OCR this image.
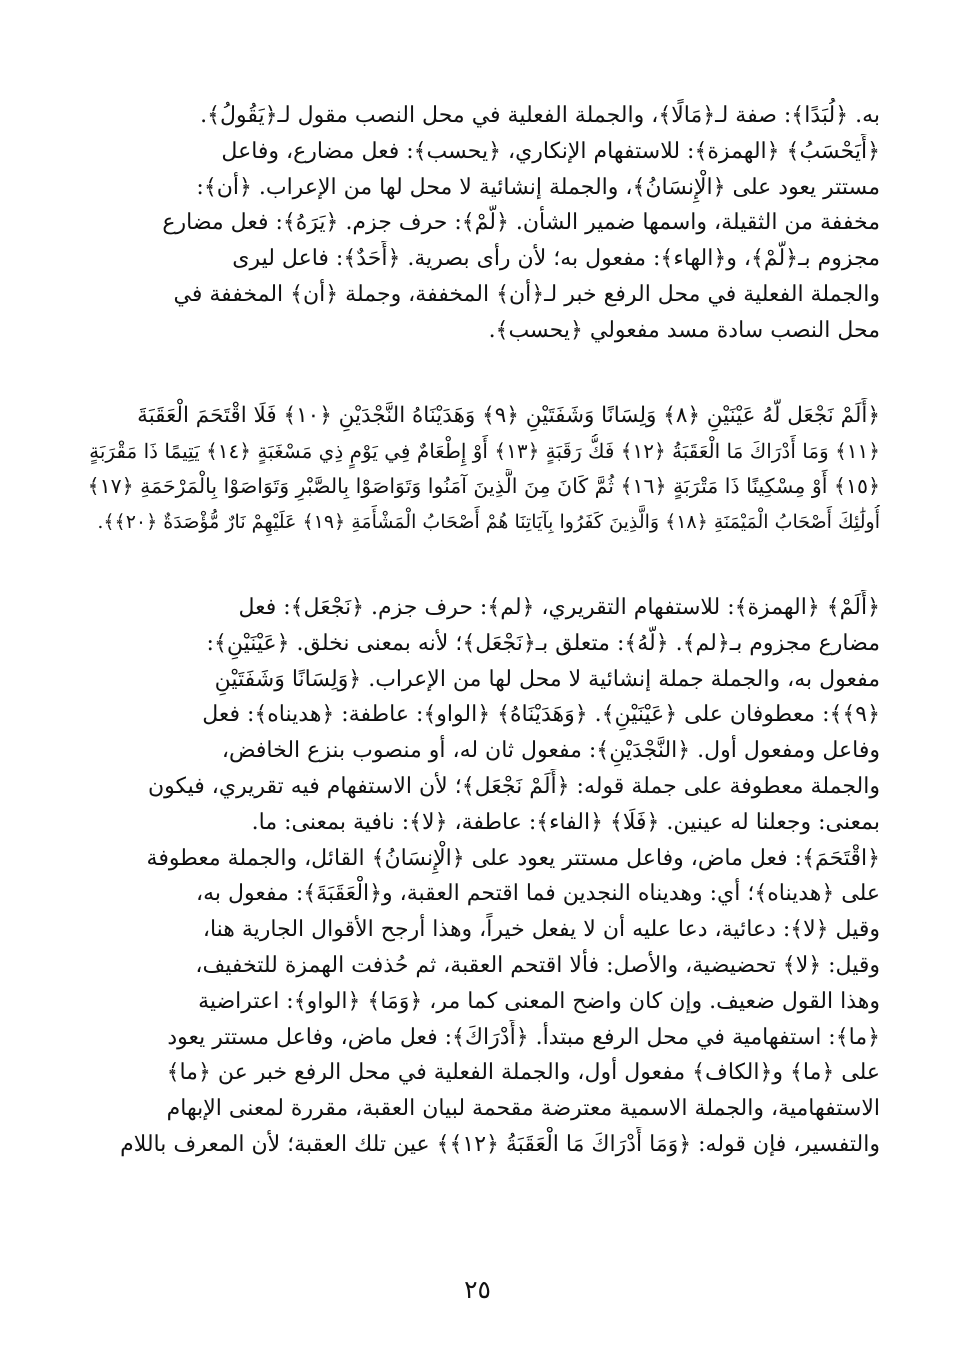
به. ﴿لُبَدًا﴾: صفة لـ﴿مَالًا﴾، والجملة الفعلية في محل النصب مقول لـ﴿يَقُولُ﴾.
﴿أَيَحْسَبُ﴾ ﴿الهمزة﴾: للاستفهام الإنكاري، ﴿يحسب﴾: فعل مضارع، وفاعل
مستتر يعود على ﴿الْإِنسَانُ﴾، والجملة إنشائية لا محل لها من الإعراب. ﴿أن﴾:
مخففة من الثقيلة، واسمها ضمير الشأن. ﴿لَّمْ﴾: حرف جزم. ﴿يَرَهُ﴾: فعل مضارع
مجزوم بـ﴿لَّمْ﴾، و﴿الهاء﴾: مفعول به؛ لأن رأى بصرية. ﴿أَحَدٌ﴾: فاعل ليرى
والجملة الفعلية في محل الرفع خبر لـ﴿أن﴾ المخففة، وجملة ﴿أن﴾ المخففة في
محل النصب سادة مسد مفعولي ﴿يحسب﴾.
﴿أَلَمْ نَجْعَل لَّهُ عَيْنَيْنِ ﴿٨﴾ وَلِسَانًا وَشَفَتَيْنِ ﴿٩﴾ وَهَدَيْنَاهُ النَّجْدَيْنِ ﴿١٠﴾ فَلَا اقْتَحَمَ الْعَقَبَةَ
﴿١١﴾ وَمَا أَدْرَاكَ مَا الْعَقَبَةُ ﴿١٢﴾ فَكُّ رَقَبَةٍ ﴿١٣﴾ أَوْ إِطْعَامٌ فِي يَوْمٍ ذِي مَسْغَبَةٍ ﴿١٤﴾ يَتِيمًا ذَا مَقْرَبَةٍ
﴿١٥﴾ أَوْ مِسْكِينًا ذَا مَتْرَبَةٍ ﴿١٦﴾ ثُمَّ كَانَ مِنَ الَّذِينَ آمَنُوا وَتَوَاصَوْا بِالصَّبْرِ وَتَوَاصَوْا بِالْمَرْحَمَةِ ﴿١٧﴾
أُولَٰئِكَ أَصْحَابُ الْمَيْمَنَةِ ﴿١٨﴾ وَالَّذِينَ كَفَرُوا بِآيَاتِنَا هُمْ أَصْحَابُ الْمَشْأَمَةِ ﴿١٩﴾ عَلَيْهِمْ نَارٌ مُّؤْصَدَةٌ ﴿٢٠﴾﴾.
﴿أَلَمْ﴾ ﴿الهمزة﴾: للاستفهام التقريري، ﴿لم﴾: حرف جزم. ﴿نَجْعَل﴾: فعل
مضارع مجزوم بـ﴿لم﴾. ﴿لَّهُ﴾: متعلق بـ﴿نَجْعَل﴾؛ لأنه بمعنى نخلق. ﴿عَيْنَيْنِ﴾:
مفعول به، والجملة جملة إنشائية لا محل لها من الإعراب. ﴿وَلِسَانًا وَشَفَتَيْنِ
﴿٩﴾﴾: معطوفان على ﴿عَيْنَيْنِ﴾. ﴿وَهَدَيْنَاهُ﴾ ﴿الواو﴾: عاطفة: ﴿هديناه﴾: فعل
وفاعل ومفعول أول. ﴿النَّجْدَيْنِ﴾: مفعول ثان له، أو منصوب بنزع الخافض،
والجملة معطوفة على جملة قوله: ﴿أَلَمْ نَجْعَل﴾؛ لأن الاستفهام فيه تقريري، فيكون
بمعنى: وجعلنا له عينين. ﴿فَلَا﴾ ﴿الفاء﴾: عاطفة، ﴿لا﴾: نافية بمعنى: ما.
﴿اقْتَحَمَ﴾: فعل ماض، وفاعل مستتر يعود على ﴿الْإِنسَانُ﴾ القائل، والجملة معطوفة
على ﴿هديناه﴾؛ أي: وهديناه النجدين فما اقتحم العقبة، و﴿الْعَقَبَةَ﴾: مفعول به،
وقيل ﴿لا﴾: دعائية، دعا عليه أن لا يفعل خيراً، وهذا أرجح الأقوال الجارية هنا،
وقيل: ﴿لا﴾ تحضيضية، والأصل: فألا اقتحم العقبة، ثم حُذفت الهمزة للتخفيف،
وهذا القول ضعيف. وإن كان واضح المعنى كما مر، ﴿وَمَا﴾ ﴿الواو﴾: اعتراضية
﴿ما﴾: استفهامية في محل الرفع مبتدأ. ﴿أَدْرَاكَ﴾: فعل ماض، وفاعل مستتر يعود
على ﴿ما﴾ و﴿الكاف﴾ مفعول أول، والجملة الفعلية في محل الرفع خبر عن ﴿ما﴾
الاستفهامية، والجملة الاسمية معترضة مقحمة لبيان العقبة، مقررة لمعنى الإبهام
والتفسير، فإن قوله: ﴿وَمَا أَدْرَاكَ مَا الْعَقَبَةُ ﴿١٢﴾﴾ عين تلك العقبة؛ لأن المعرف باللام
٢٥
